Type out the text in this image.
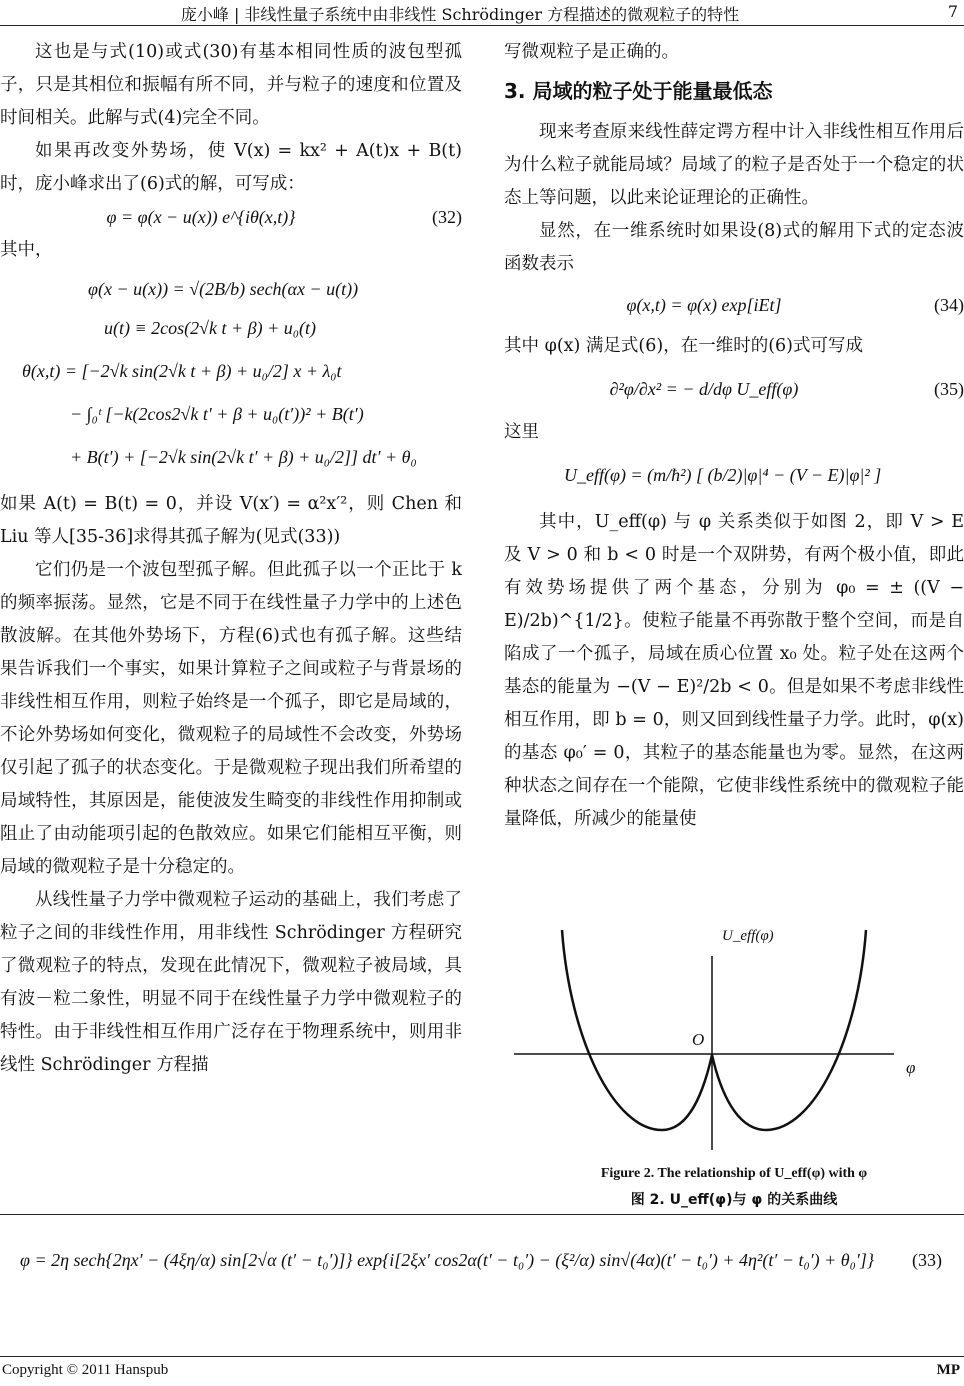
庞小峰 | 非线性量子系统中由非线性 Schrödinger 方程描述的微观粒子的特性	7

这也是与式(10)或式(30)有基本相同性质的波包型孤子，只是其相位和振幅有所不同，并与粒子的速度和位置及时间相关。此解与式(4)完全不同。

如果再改变外势场，使 V(x) = kx² + A(t)x + B(t) 时，庞小峰求出了(6)式的解，可写成：

φ = φ(x − u(x)) e^{iθ(x,t)}	(32)

其中，

φ(x − u(x)) = √(2B/b) sech(αx − u(t))
u(t) ≡ 2cos(2√k t + β) + u₀(t)
θ(x,t) = [−2√k sin(2√k t + β) + u₀/2] x + λ₀t
− ∫₀ᵗ [−k(2cos2√k t′ + β + u₀(t′))² + B(t′)
+ B(t′) + [−2√k sin(2√k t′ + β) + u₀/2]] dt′ + θ₀

如果 A(t) = B(t) = 0，并设 V(x′) = α²x′²，则 Chen 和 Liu 等人[35-36]求得其孤子解为(见式(33))

它们仍是一个波包型孤子解。但此孤子以一个正比于 k 的频率振荡。显然，它是不同于在线性量子力学中的上述色散波解。在其他外势场下，方程(6)式也有孤子解。这些结果告诉我们一个事实，如果计算粒子之间或粒子与背景场的非线性相互作用，则粒子始终是一个孤子，即它是局域的，不论外势场如何变化，微观粒子的局域性不会改变，外势场仅引起了孤子的状态变化。于是微观粒子现出我们所希望的局域特性，其原因是，能使波发生畸变的非线性作用抑制或阻止了由动能项引起的色散效应。如果它们能相互平衡，则局域的微观粒子是十分稳定的。

从线性量子力学中微观粒子运动的基础上，我们考虑了粒子之间的非线性作用，用非线性 Schrödinger 方程研究了微观粒子的特点，发现在此情况下，微观粒子被局域，具有波－粒二象性，明显不同于在线性量子力学中微观粒子的特性。由于非线性相互作用广泛存在于物理系统中，则用非线性 Schrödinger 方程描

写微观粒子是正确的。

3. 局域的粒子处于能量最低态

现来考查原来线性薛定谔方程中计入非线性相互作用后为什么粒子就能局域？局域了的粒子是否处于一个稳定的状态上等问题，以此来论证理论的正确性。

显然，在一维系统时如果设(8)式的解用下式的定态波函数表示

φ(x,t) = φ(x) exp[iEt]	(34)

其中 φ(x) 满足式(6)，在一维时的(6)式可写成

∂²φ/∂x² = − d/dφ U_eff(φ)	(35)

这里

U_eff(φ) = (m/ħ²) [ (b/2)|φ|⁴ − (V − E)|φ|² ]

其中，U_eff(φ) 与 φ 关系类似于如图 2，即 V > E 及 V > 0 和 b < 0 时是一个双阱势，有两个极小值，即此有效势场提供了两个基态，分别为 φ₀ = ± ((V − E)/2b)^{1/2}。使粒子能量不再弥散于整个空间，而是自陷成了一个孤子，局域在质心位置 x₀ 处。粒子处在这两个基态的能量为 −(V − E)²/2b < 0。但是如果不考虑非线性相互作用，即 b = 0，则又回到线性量子力学。此时，φ(x) 的基态 φ₀′ = 0，其粒子的基态能量也为零。显然，在这两种状态之间存在一个能隙，它使非线性系统中的微观粒子能量降低，所减少的能量使

U_eff(φ)
O
φ
Figure 2. The relationship of U_eff(φ) with φ
图 2. U_eff(φ)与 φ 的关系曲线
φ = 2η sech{2ηx′ − (4ξη/α) sin[2√α (t′ − t₀′)]} exp{i[2ξx′ cos2α(t′ − t₀′) − (ξ²/α) sin√(4α)(t′ − t₀′) + 4η²(t′ − t₀′) + θ₀′]}	(33)
Copyright © 2011 Hanspub	MP
